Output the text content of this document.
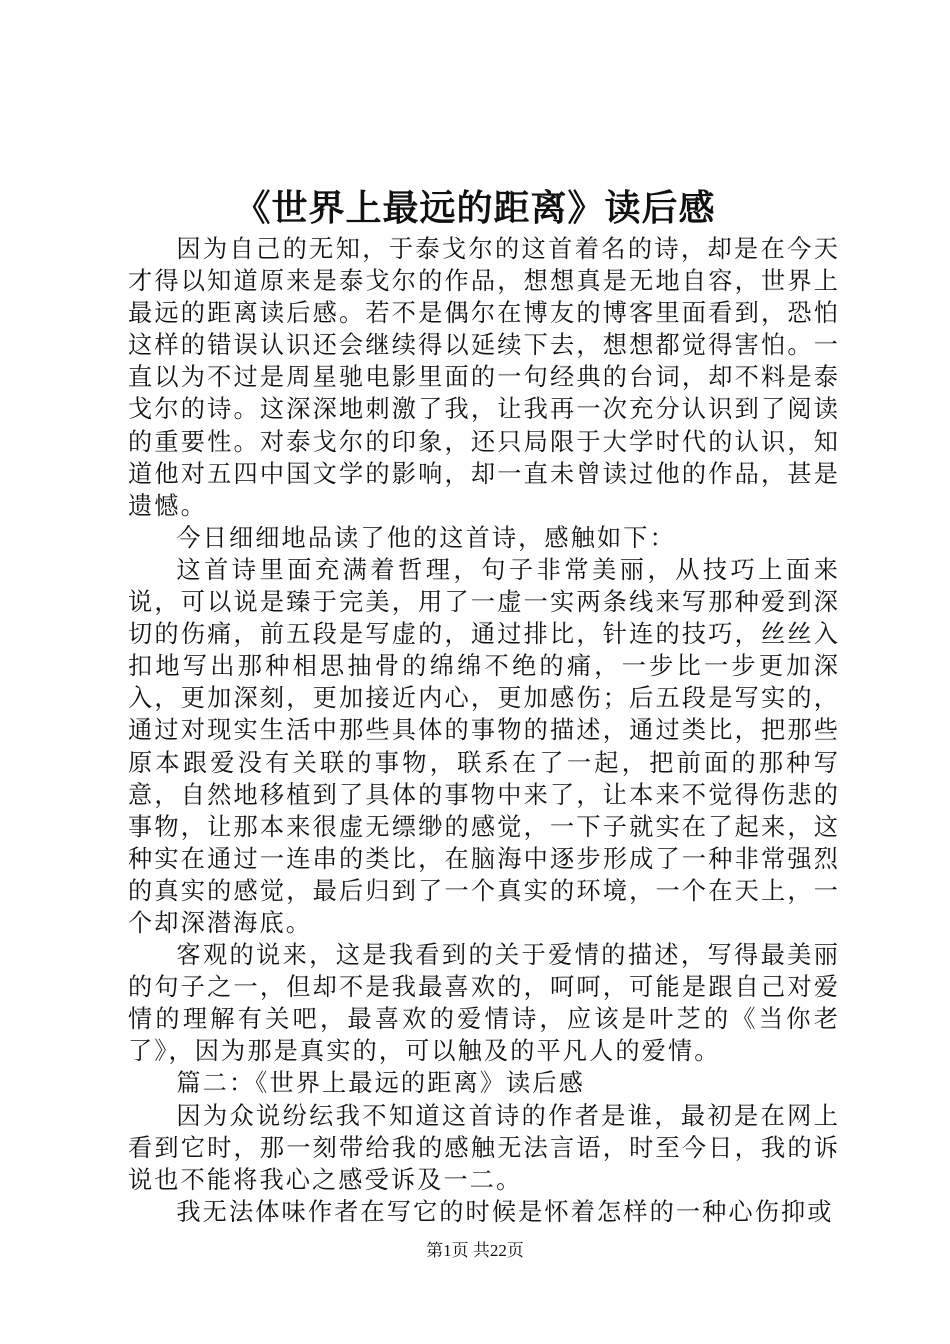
《世界上最远的距离》读后感

因为自己的无知，于泰戈尔的这首着名的诗，却是在今天才得以知道原来是泰戈尔的作品，想想真是无地自容，世界上最远的距离读后感。若不是偶尔在博友的博客里面看到，恐怕这样的错误认识还会继续得以延续下去，想想都觉得害怕。一直以为不过是周星驰电影里面的一句经典的台词，却不料是泰戈尔的诗。这深深地刺激了我，让我再一次充分认识到了阅读的重要性。对泰戈尔的印象，还只局限于大学时代的认识，知道他对五四中国文学的影响，却一直未曾读过他的作品，甚是遗憾。

今日细细地品读了他的这首诗，感触如下：

这首诗里面充满着哲理，句子非常美丽，从技巧上面来说，可以说是臻于完美，用了一虚一实两条线来写那种爱到深切的伤痛，前五段是写虚的，通过排比，针连的技巧，丝丝入扣地写出那种相思抽骨的绵绵不绝的痛，一步比一步更加深入，更加深刻，更加接近内心，更加感伤；后五段是写实的，通过对现实生活中那些具体的事物的描述，通过类比，把那些原本跟爱没有关联的事物，联系在了一起，把前面的那种写意，自然地移植到了具体的事物中来了，让本来不觉得伤悲的事物，让那本来很虚无缥缈的感觉，一下子就实在了起来，这种实在通过一连串的类比，在脑海中逐步形成了一种非常强烈的真实的感觉，最后归到了一个真实的环境，一个在天上，一个却深潜海底。

客观的说来，这是我看到的关于爱情的描述，写得最美丽的句子之一，但却不是我最喜欢的，呵呵，可能是跟自己对爱情的理解有关吧，最喜欢的爱情诗，应该是叶芝的《当你老了》，因为那是真实的，可以触及的平凡人的爱情。

篇二：《世界上最远的距离》读后感

因为众说纷纭我不知道这首诗的作者是谁，最初是在网上看到它时，那一刻带给我的感触无法言语，时至今日，我的诉说也不能将我心之感受诉及一二。

我无法体味作者在写它的时候是怀着怎样的一种心伤抑或

第1页 共22页
